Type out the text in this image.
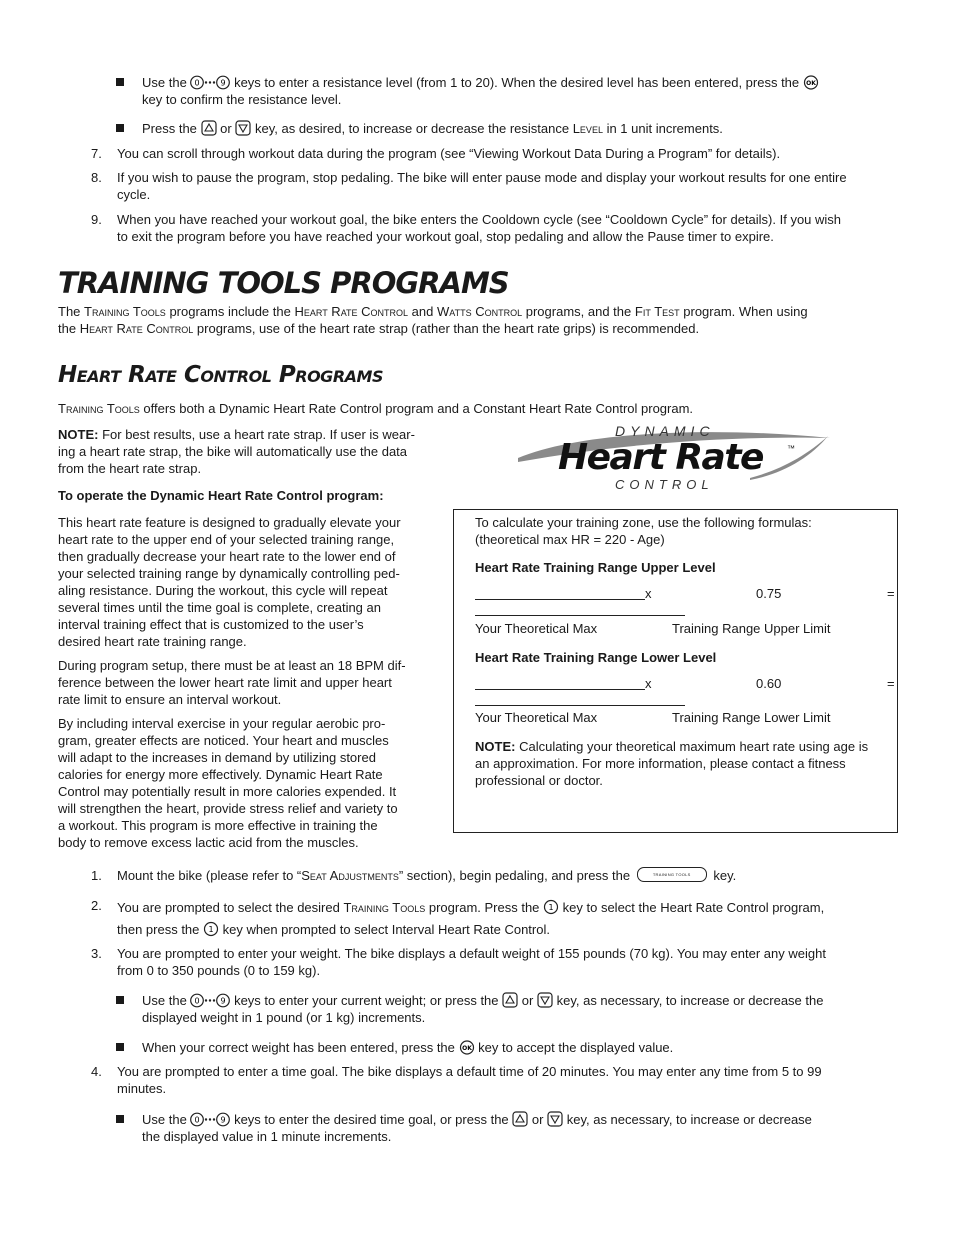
Use the 0	9 keys to enter a resistance level (from 1 to 20). When the desired level has been entered, press the OK

key to confirm the resistance level.

Press the or key, as desired, to increase or decrease the resistance Level in 1 unit increments.

7. You can scroll through workout data during the program (see “Viewing Workout Data During a Program” for details).

8. If you wish to pause the program, stop pedaling. The bike will enter pause mode and display your workout results for one entire
cycle.

9. When you have reached your workout goal, the bike enters the Cooldown cycle (see “Cooldown Cycle” for details). If you wish
to exit the program before you have reached your workout goal, stop pedaling and allow the Pause timer to expire.

TRAINING TOOLS PROGRAMS

The Training Tools programs include the Heart Rate Control and Watts Control programs, and the Fit Test program. When using
the Heart Rate Control programs, use of the heart rate strap (rather than the heart rate grips) is recommended.

Heart Rate Control Programs

Training Tools offers both a Dynamic Heart Rate Control program and a Constant Heart Rate Control program.

NOTE: For best results, use a heart rate strap. If user is wear-
ing a heart rate strap, the bike will automatically use the data
from the heart rate strap.

To operate the Dynamic Heart Rate Control program:

DYNAMIC
Heart Rate	™
CONTROL
This heart rate feature is designed to gradually elevate your
heart rate to the upper end of your selected training range,
then gradually decrease your heart rate to the lower end of
your selected training range by dynamically controlling ped-
aling resistance. During the workout, this cycle will repeat
several times until the time goal is complete, creating an
interval training effect that is customized to the user’s
desired heart rate training range.
During program setup, there must be at least an 18 BPM dif-
ference between the lower heart rate limit and upper heart
rate limit to ensure an interval workout.
By including interval exercise in your regular aerobic pro-
gram, greater effects are noticed. Your heart and muscles
will adapt to the increases in demand by utilizing stored
calories for energy more effectively. Dynamic Heart Rate
Control may potentially result in more calories expended. It
will strengthen the heart, provide stress relief and variety to
a workout. This program is more effective in training the
body to remove excess lactic acid from the muscles.

To calculate your training zone, use the following formulas:
(theoretical max HR = 220 - Age)

Heart Rate Training Range Upper Level

x	0.75	=
Your Theoretical Max	Training Range Upper Limit

Heart Rate Training Range Lower Level

x	0.60	=
Your Theoretical Max	Training Range Lower Limit

NOTE: Calculating your theoretical maximum heart rate using age is
an approximation. For more information, please contact a fitness
professional or doctor.

1. Mount the bike (please refer to “Seat Adjustments” section), begin pedaling, and press the	TRAINING TOOLS key.

2. You are prompted to select the desired Training Tools program. Press the 1 key to select the Heart Rate Control program,
then press the 1 key when prompted to select Interval Heart Rate Control.

3. You are prompted to enter your weight. The bike displays a default weight of 155 pounds (70 kg). You may enter any weight
from 0 to 350 pounds (0 to 159 kg).

Use the 0	9 keys to enter your current weight; or press the or key, as necessary, to increase or decrease the
displayed weight in 1 pound (or 1 kg) increments.

When your correct weight has been entered, press the OK key to accept the displayed value.

4. You are prompted to enter a time goal. The bike displays a default time of 20 minutes. You may enter any time from 5 to 99
minutes.

Use the 0	9 keys to enter the desired time goal, or press the or key, as necessary, to increase or decrease
the displayed value in 1 minute increments.
